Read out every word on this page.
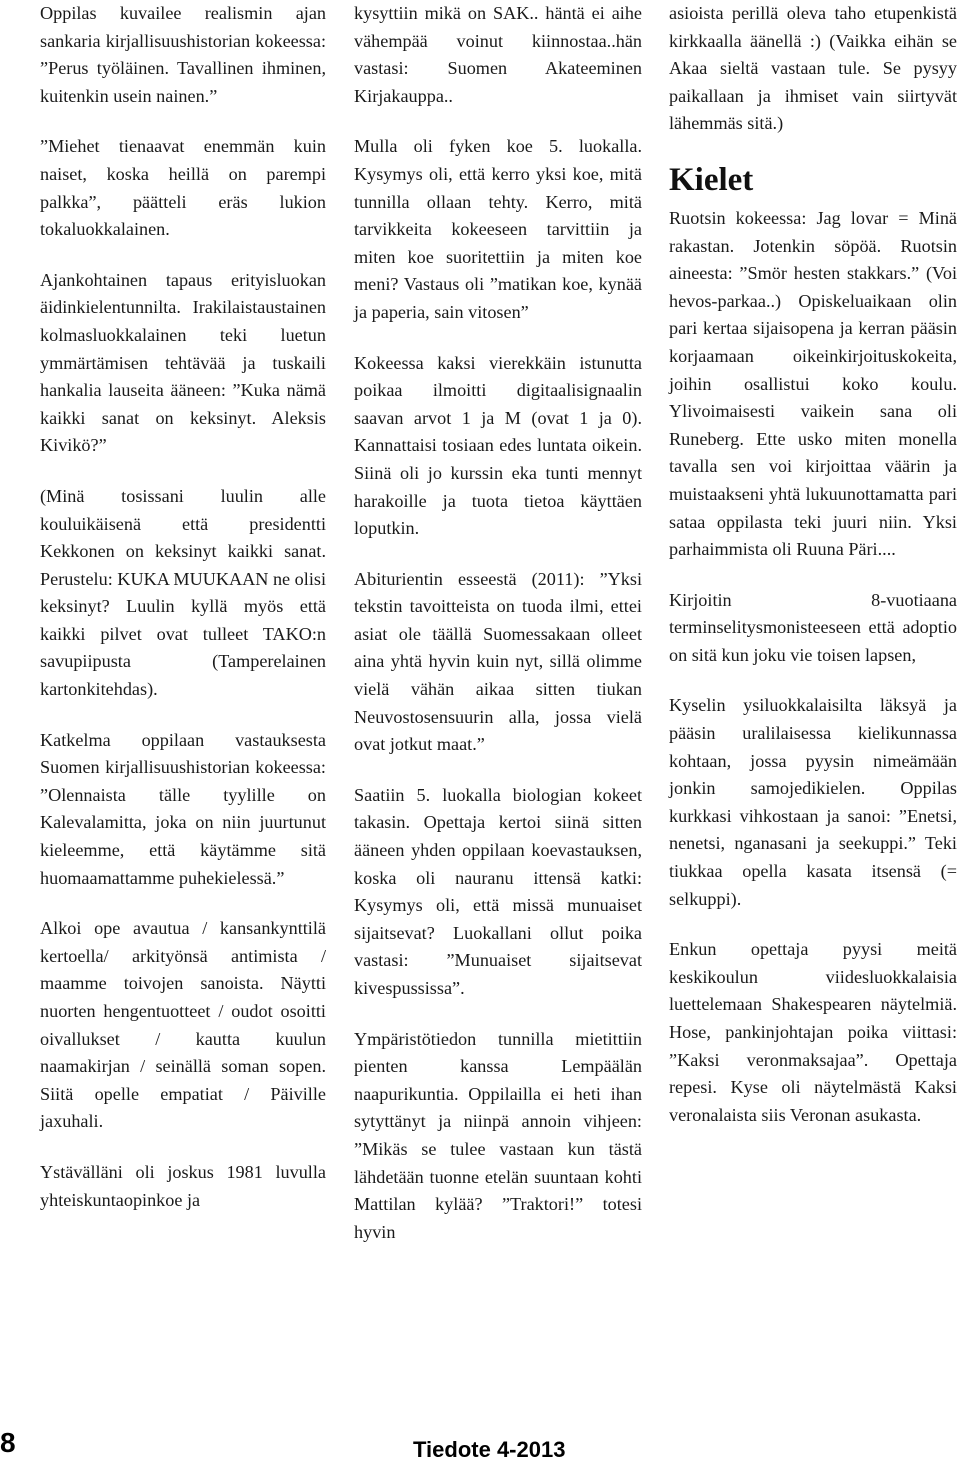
Oppilas kuvailee realismin ajan sankaria kirjallisuushistorian kokeessa: ”Perus työläinen. Tavallinen ihminen, kuitenkin usein nainen.”

”Miehet tienaavat enemmän kuin naiset, koska heillä on parempi palkka”, päätteli eräs lukion tokaluokkalainen.

Ajankohtainen tapaus erityisluokan äidinkielentunnilta. Irakilaistaustainen kolmasluokkalainen teki luetun ymmärtämisen tehtävää ja tuskaili hankalia lauseita ääneen: ”Kuka nämä kaikki sanat on keksinyt. Aleksis Kivikö?”

(Minä tosissani luulin alle kouluikäisenä että presidentti Kekkonen on keksinyt kaikki sanat. Perustelu: KUKA MUUKAAN ne olisi keksinyt? Luulin kyllä myös että kaikki pilvet ovat tulleet TAKO:n savupiipusta (Tamperelainen kartonkitehdas).

Katkelma oppilaan vastauksesta Suomen kirjallisuushistorian kokeessa: ”Olennaista tälle tyylille on Kalevalamitta, joka on niin juurtunut kieleemme, että käytämme sitä huomaamattamme puhekielessä.”

Alkoi ope avautua / kansankynttilä kertoella/ arkityönsä antimista / maamme toivojen sanoista. Näytti nuorten hengentuotteet / oudot osoitti oivallukset / kautta kuulun naamakirjan / seinällä soman sopen. Siitä opelle empatiat / Päiville jaxuhali.

Ystävälläni oli joskus 1981 luvulla yhteiskuntaopinkoe ja

kysyttiin mikä on SAK.. häntä ei aihe vähempää voinut kiinnostaa..hän vastasi: Suomen Akateeminen Kirjakauppa..

Mulla oli fyken koe 5. luokalla. Kysymys oli, että kerro yksi koe, mitä tunnilla ollaan tehty. Kerro, mitä tarvikkeita kokeeseen tarvittiin ja miten koe suoritettiin ja miten koe meni? Vastaus oli ”matikan koe, kynää ja paperia, sain vitosen”

Kokeessa kaksi vierekkäin istunutta poikaa ilmoitti digitaalisignaalin saavan arvot 1 ja M (ovat 1 ja 0). Kannattaisi tosiaan edes luntata oikein. Siinä oli jo kurssin eka tunti mennyt harakoille ja tuota tietoa käyttäen loputkin.

Abiturientin esseestä (2011): ”Yksi tekstin tavoitteista on tuoda ilmi, ettei asiat ole täällä Suomessakaan olleet aina yhtä hyvin kuin nyt, sillä olimme vielä vähän aikaa sitten tiukan Neuvostosensuurin alla, jossa vielä ovat jotkut maat.”

Saatiin 5. luokalla biologian kokeet takasin. Opettaja kertoi siinä sitten ääneen yhden oppilaan koevastauksen, koska oli nauranu ittensä katki: Kysymys oli, että missä munuaiset sijaitsevat? Luokallani ollut poika vastasi: ”Munuaiset sijaitsevat kivespussissa”.

Ympäristötiedon tunnilla mietittiin pienten kanssa Lempäälän naapurikuntia. Oppilailla ei heti ihan sytyttänyt ja niinpä annoin vihjeen: ”Mikäs se tulee vastaan kun tästä lähdetään tuonne etelän suuntaan kohti Mattilan kylää? ”Traktori!” totesi hyvin

asioista perillä oleva taho etupenkistä kirkkaalla äänellä :) (Vaikka eihän se Akaa sieltä vastaan tule. Se pysyy paikallaan ja ihmiset vain siirtyvät lähemmäs sitä.)

Kielet

Ruotsin kokeessa: Jag lovar = Minä rakastan. Jotenkin söpöä. Ruotsin aineesta: ”Smör hesten stakkars.” (Voi hevos-parkaa..) Opiskeluaikaan olin pari kertaa sijaisopena ja kerran pääsin korjaamaan oikeinkirjoituskokeita, joihin osallistui koko koulu. Ylivoimaisesti vaikein sana oli Runeberg. Ette usko miten monella tavalla sen voi kirjoittaa väärin ja muistaakseni yhtä lukuunottamatta pari sataa oppilasta teki juuri niin. Yksi parhaimmista oli Ruuna Päri....

Kirjoitin 8-vuotiaana terminselitysmonisteeseen että adoptio on sitä kun joku vie toisen lapsen,

Kyselin ysiluokkalaisilta läksyä ja pääsin uralilaisessa kielikunnassa kohtaan, jossa pyysin nimeämään jonkin samojedikielen. Oppilas kurkkasi vihkostaan ja sanoi: ”Enetsi, nenetsi, nganasani ja seekuppi.” Teki tiukkaa opella kasata itsensä (= selkuppi).

Enkun opettaja pyysi meitä keskikoulun viidesluokkalaisia luettelemaan Shakespearen näytelmiä. Hose, pankinjohtajan poika viittasi: ”Kaksi veronmaksajaa”. Opettaja repesi. Kyse oli näytelmästä Kaksi veronalaista siis Veronan asukasta.

8	Tiedote 4-2013
